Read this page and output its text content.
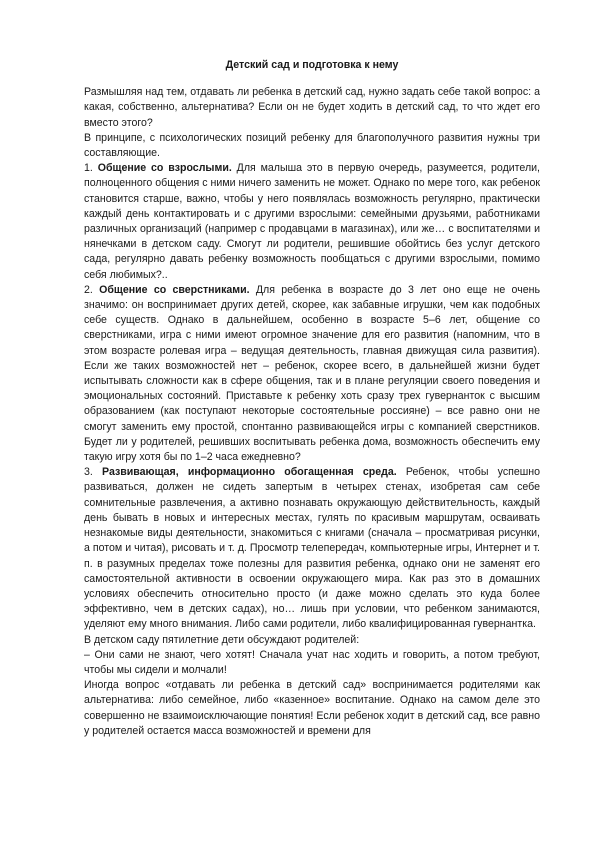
Детский сад и подготовка к нему

Размышляя над тем, отдавать ли ребенка в детский сад, нужно задать себе такой вопрос: а какая, собственно, альтернатива? Если он не будет ходить в детский сад, то что ждет его вместо этого?

В принципе, с психологических позиций ребенку для благополучного развития нужны три составляющие.

1. Общение со взрослыми. Для малыша это в первую очередь, разумеется, родители, полноценного общения с ними ничего заменить не может. Однако по мере того, как ребенок становится старше, важно, чтобы у него появлялась возможность регулярно, практически каждый день контактировать и с другими взрослыми: семейными друзьями, работниками различных организаций (например с продавцами в магазинах), или же… с воспитателями и нянечками в детском саду. Смогут ли родители, решившие обойтись без услуг детского сада, регулярно давать ребенку возможность пообщаться с другими взрослыми, помимо себя любимых?..

2. Общение со сверстниками. Для ребенка в возрасте до 3 лет оно еще не очень значимо: он воспринимает других детей, скорее, как забавные игрушки, чем как подобных себе существ. Однако в дальнейшем, особенно в возрасте 5–6 лет, общение со сверстниками, игра с ними имеют огромное значение для его развития (напомним, что в этом возрасте ролевая игра – ведущая деятельность, главная движущая сила развития). Если же таких возможностей нет – ребенок, скорее всего, в дальнейшей жизни будет испытывать сложности как в сфере общения, так и в плане регуляции своего поведения и эмоциональных состояний. Приставьте к ребенку хоть сразу трех гувернанток с высшим образованием (как поступают некоторые состоятельные россияне) – все равно они не смогут заменить ему простой, спонтанно развивающейся игры с компанией сверстников. Будет ли у родителей, решивших воспитывать ребенка дома, возможность обеспечить ему такую игру хотя бы по 1–2 часа ежедневно?

3. Развивающая, информационно обогащенная среда. Ребенок, чтобы успешно развиваться, должен не сидеть запертым в четырех стенах, изобретая сам себе сомнительные развлечения, а активно познавать окружающую действительность, каждый день бывать в новых и интересных местах, гулять по красивым маршрутам, осваивать незнакомые виды деятельности, знакомиться с книгами (сначала – просматривая рисунки, а потом и читая), рисовать и т. д. Просмотр телепередач, компьютерные игры, Интернет и т. п. в разумных пределах тоже полезны для развития ребенка, однако они не заменят его самостоятельной активности в освоении окружающего мира. Как раз это в домашних условиях обеспечить относительно просто (и даже можно сделать это куда более эффективно, чем в детских садах), но… лишь при условии, что ребенком занимаются, уделяют ему много внимания. Либо сами родители, либо квалифицированная гувернантка.

В детском саду пятилетние дети обсуждают родителей:

– Они сами не знают, чего хотят! Сначала учат нас ходить и говорить, а потом требуют, чтобы мы сидели и молчали!

Иногда вопрос «отдавать ли ребенка в детский сад» воспринимается родителями как альтернатива: либо семейное, либо «казенное» воспитание. Однако на самом деле это совершенно не взаимоисключающие понятия! Если ребенок ходит в детский сад, все равно у родителей остается масса возможностей и времени для
